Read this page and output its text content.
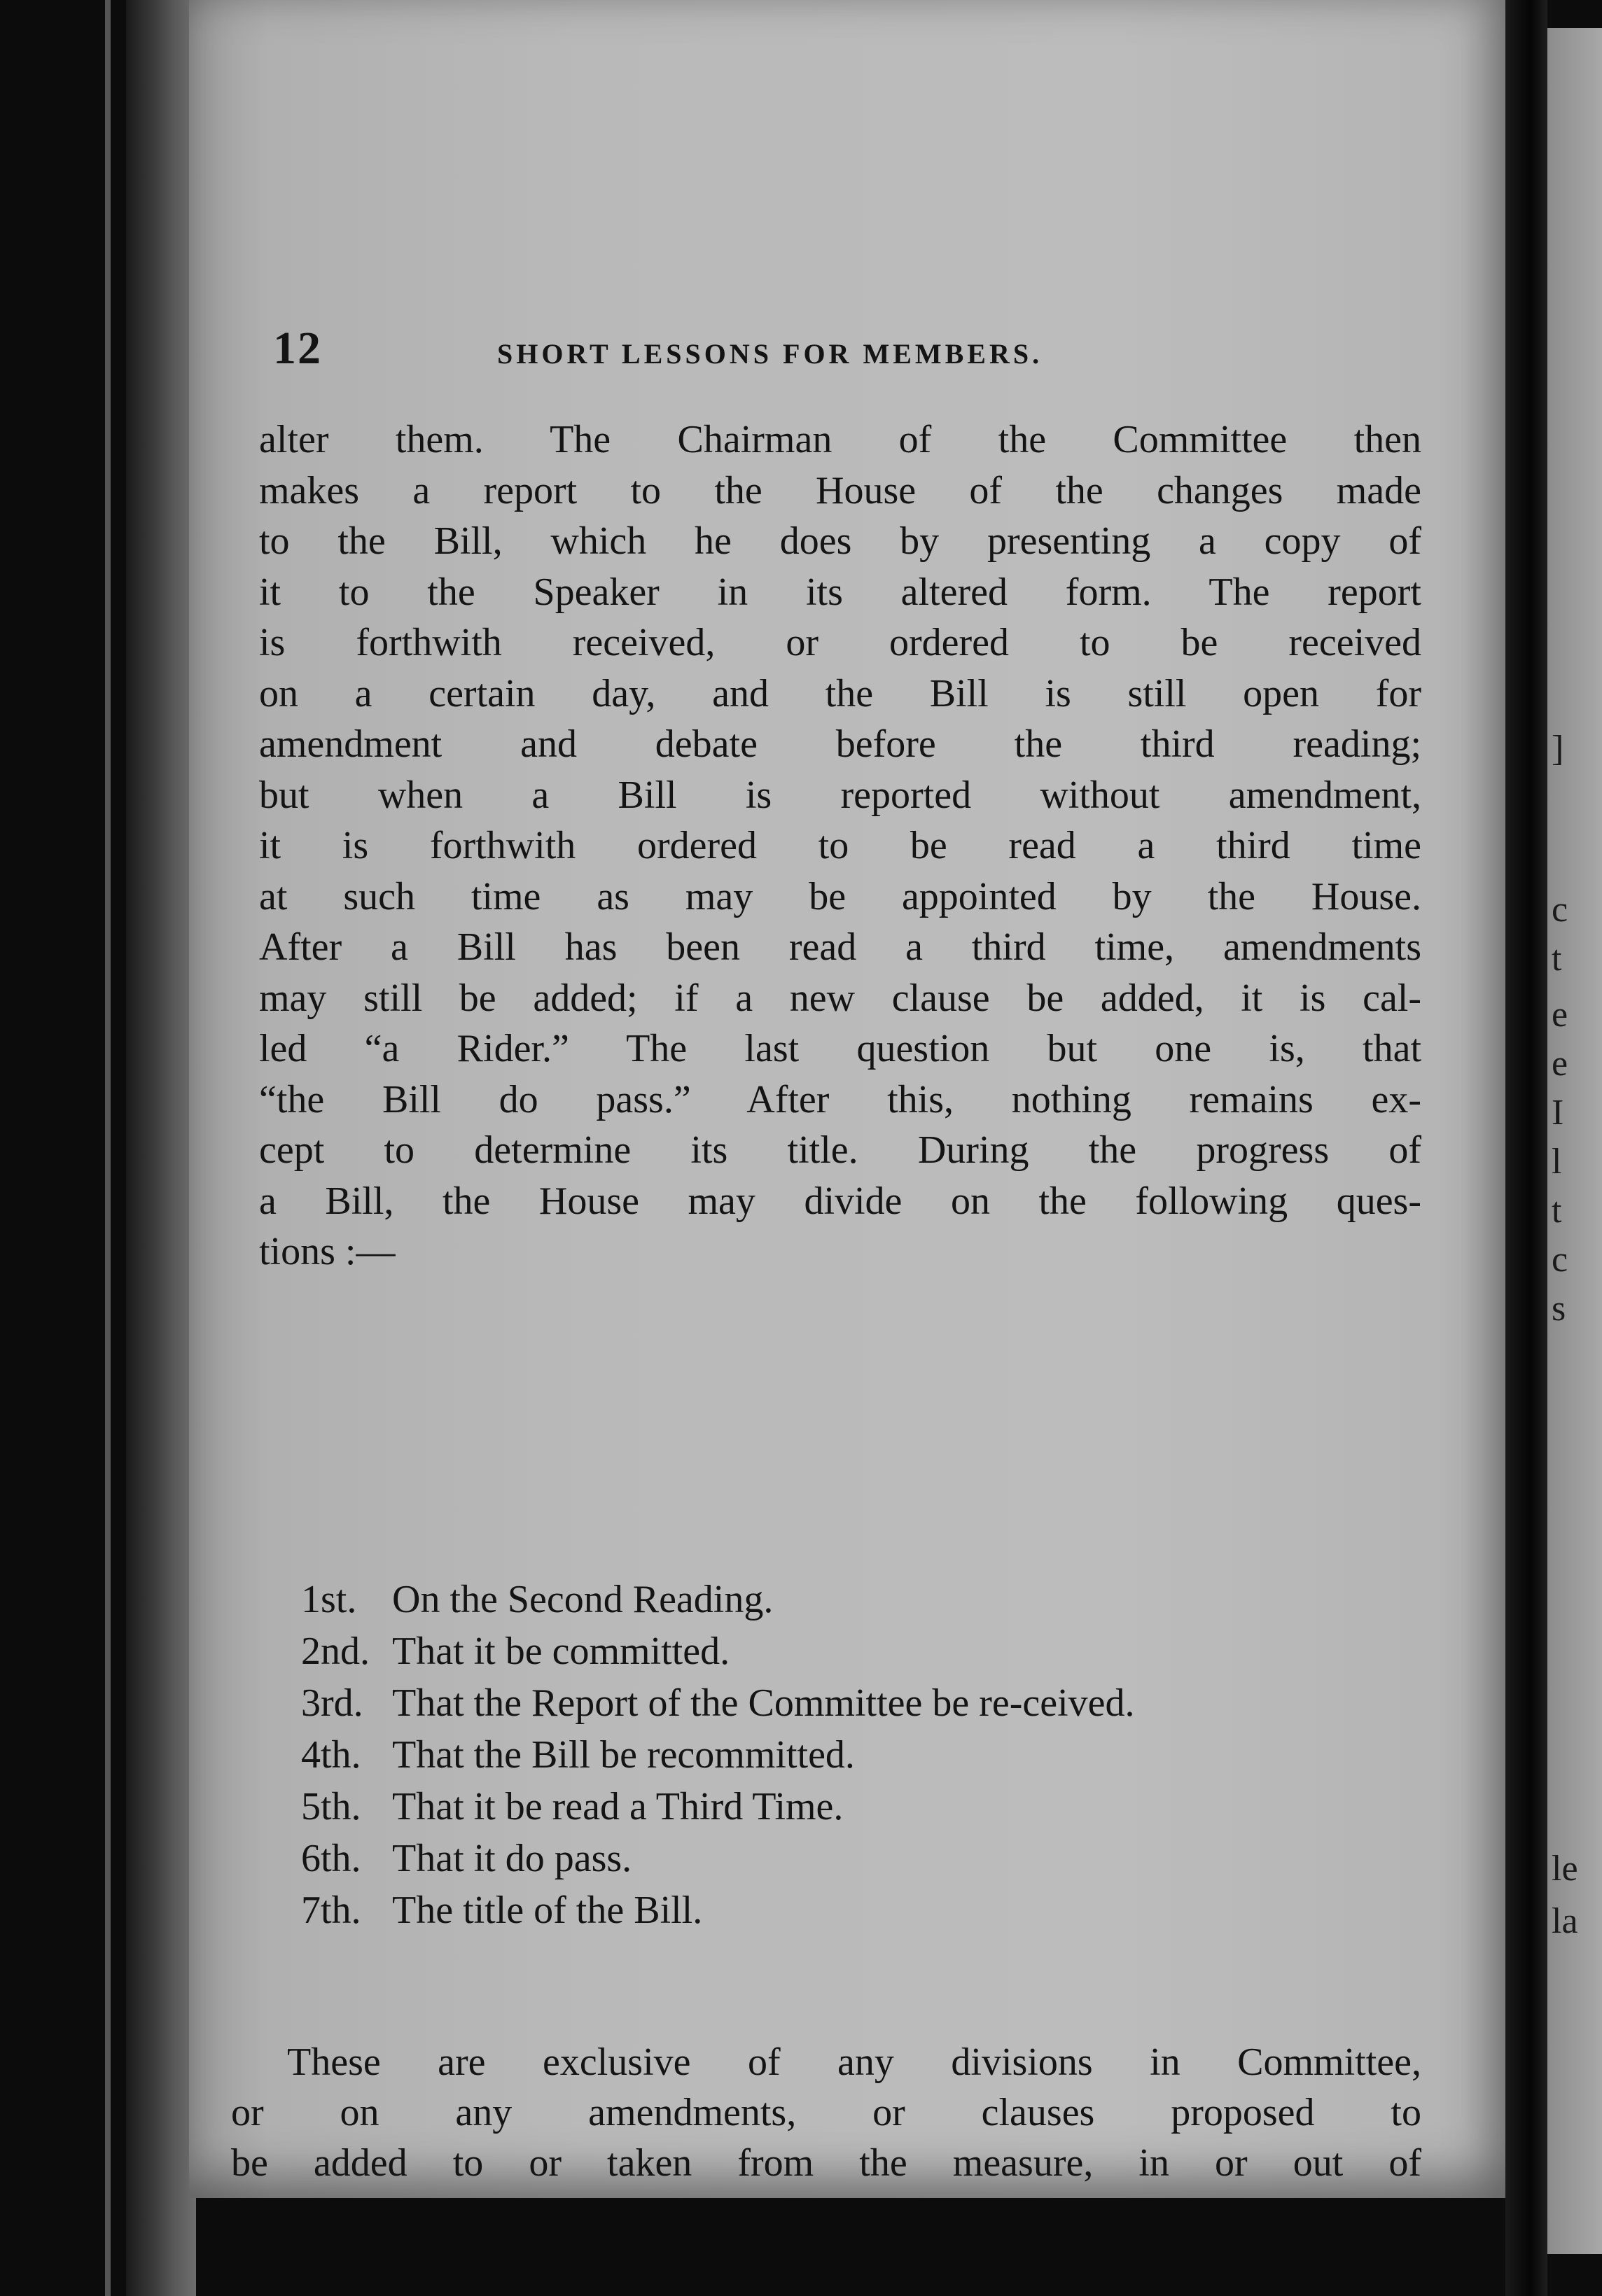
]
c
t
e
e
I
l
t
c
s
le
la
12	SHORT LESSONS FOR MEMBERS.

alter them. The Chairman of the Committee then
makes a report to the House of the changes made
to the Bill, which he does by presenting a copy of
it to the Speaker in its altered form. The report
is forthwith received, or ordered to be received
on a certain day, and the Bill is still open for
amendment and debate before the third reading;
but when a Bill is reported without amendment,
it is forthwith ordered to be read a third time
at such time as may be appointed by the House.
After a Bill has been read a third time, amendments
may still be added; if a new clause be added, it is cal-
led “a Rider.” The last question but one is, that
“the Bill do pass.” After this, nothing remains ex-
cept to determine its title. During the progress of
a Bill, the House may divide on the following ques-
tions :—

1st. On the Second Reading.
2nd. That it be committed.
3rd. That the Report of the Committee be re-ceived.
4th. That the Bill be recommitted.
5th. That it be read a Third Time.
6th. That it do pass.
7th. The title of the Bill.

These are exclusive of any divisions in Committee,
or on any amendments, or clauses proposed to
be added to or taken from the measure, in or out of
